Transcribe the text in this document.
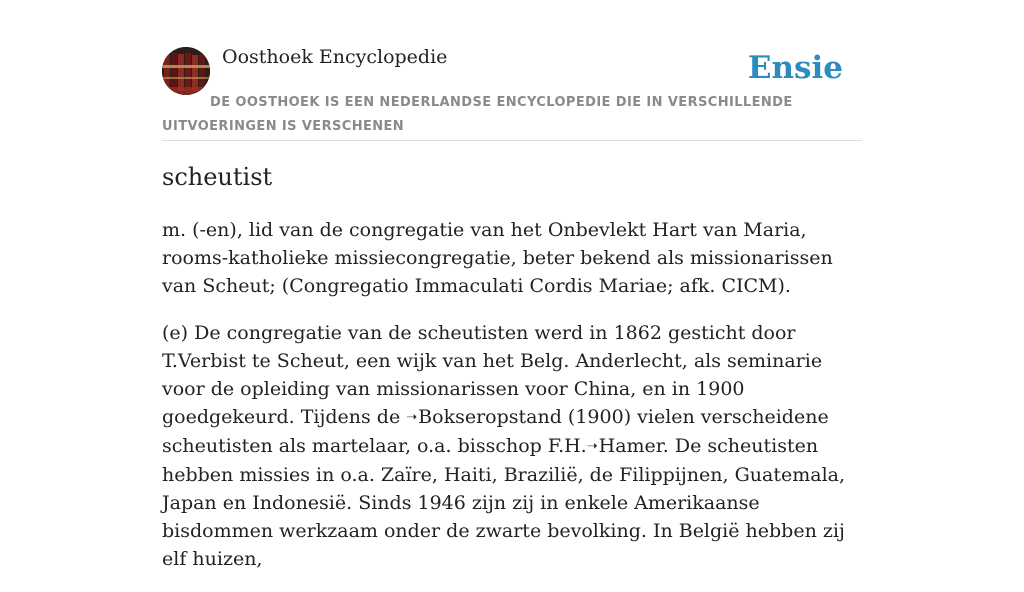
Oosthoek Encyclopedie	Ensie
DE OOSTHOEK IS EEN NEDERLANDSE ENCYCLOPEDIE DIE IN VERSCHILLENDE UITVOERINGEN IS VERSCHENEN
scheutist

m. (-en), lid van de congregatie van het Onbevlekt Hart van Maria, rooms-katholieke missiecongregatie, beter bekend als missionarissen van Scheut; (Congregatio Immaculati Cordis Mariae; afk. CICM).

(e) De congregatie van de scheutisten werd in 1862 gesticht door T.Verbist te Scheut, een wijk van het Belg. Anderlecht, als seminarie voor de opleiding van missionarissen voor China, en in 1900 goedgekeurd. Tijdens de ➝Bokseropstand (1900) vielen verscheidene scheutisten als martelaar, o.a. bisschop F.H.➝Hamer. De scheutisten hebben missies in o.a. Zaïre, Haiti, Brazilië, de Filippijnen, Guatemala, Japan en Indonesië. Sinds 1946 zijn zij in enkele Amerikaanse bisdommen werkzaam onder de zwarte bevolking. In België hebben zij elf huizen,
